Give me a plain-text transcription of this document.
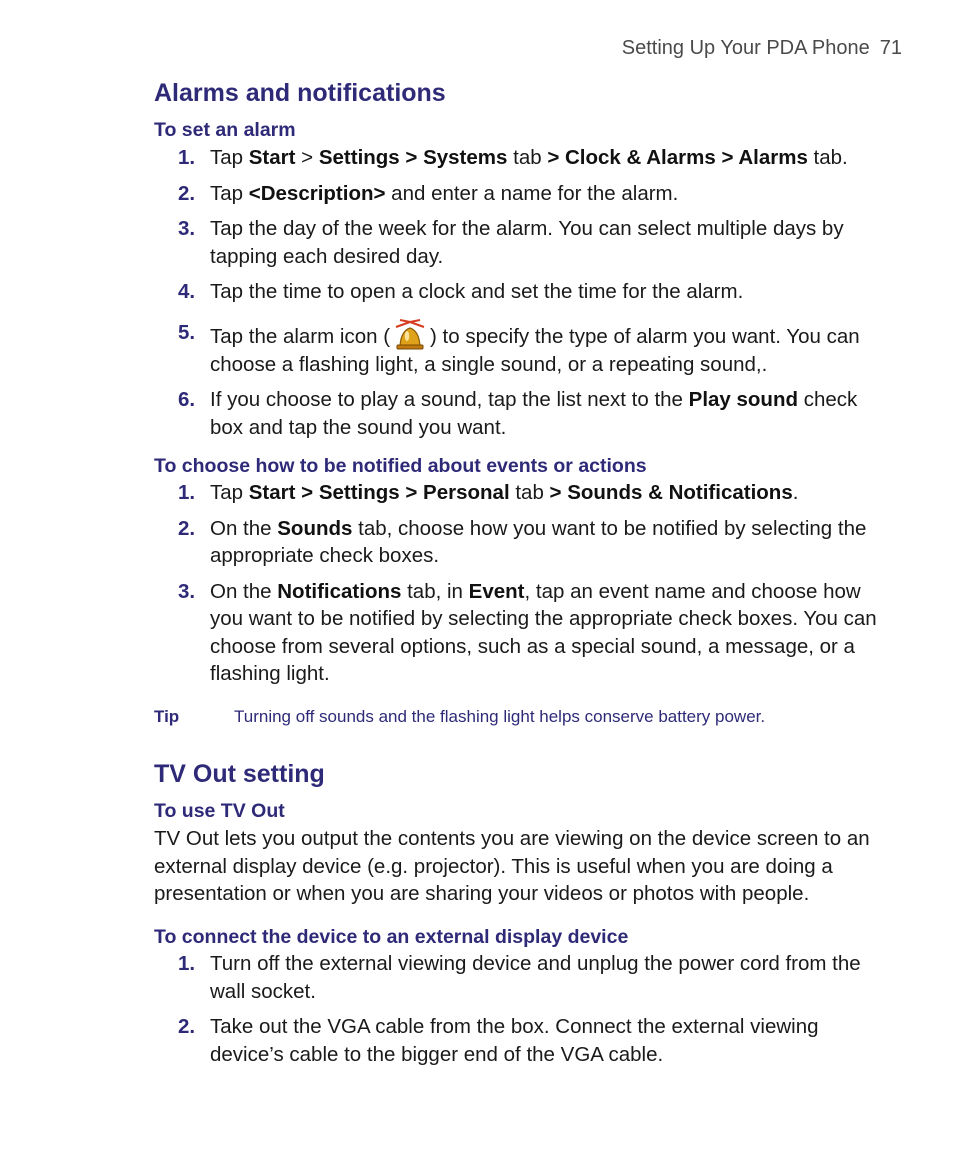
Setting Up Your PDA Phone 71
Alarms and notifications
To set an alarm
1. Tap Start > Settings > Systems tab > Clock & Alarms > Alarms tab.
2. Tap <Description> and enter a name for the alarm.
3. Tap the day of the week for the alarm. You can select multiple days by tapping each desired day.
4. Tap the time to open a clock and set the time for the alarm.
5. Tap the alarm icon ( ) to specify the type of alarm you want. You can choose a flashing light, a single sound, or a repeating sound,.
6. If you choose to play a sound, tap the list next to the Play sound check box and tap the sound you want.
To choose how to be notified about events or actions
1. Tap Start > Settings > Personal tab > Sounds & Notifications.
2. On the Sounds tab, choose how you want to be notified by selecting the appropriate check boxes.
3. On the Notifications tab, in Event, tap an event name and choose how you want to be notified by selecting the appropriate check boxes. You can choose from several options, such as a special sound, a message, or a flashing light.
Tip	Turning off sounds and the flashing light helps conserve battery power.
TV Out setting
To use TV Out

TV Out lets you output the contents you are viewing on the device screen to an external display device (e.g. projector). This is useful when you are doing a presentation or when you are sharing your videos or photos with people.

To connect the device to an external display device
1. Turn off the external viewing device and unplug the power cord from the wall socket.
2. Take out the VGA cable from the box. Connect the external viewing device’s cable to the bigger end of the VGA cable.
